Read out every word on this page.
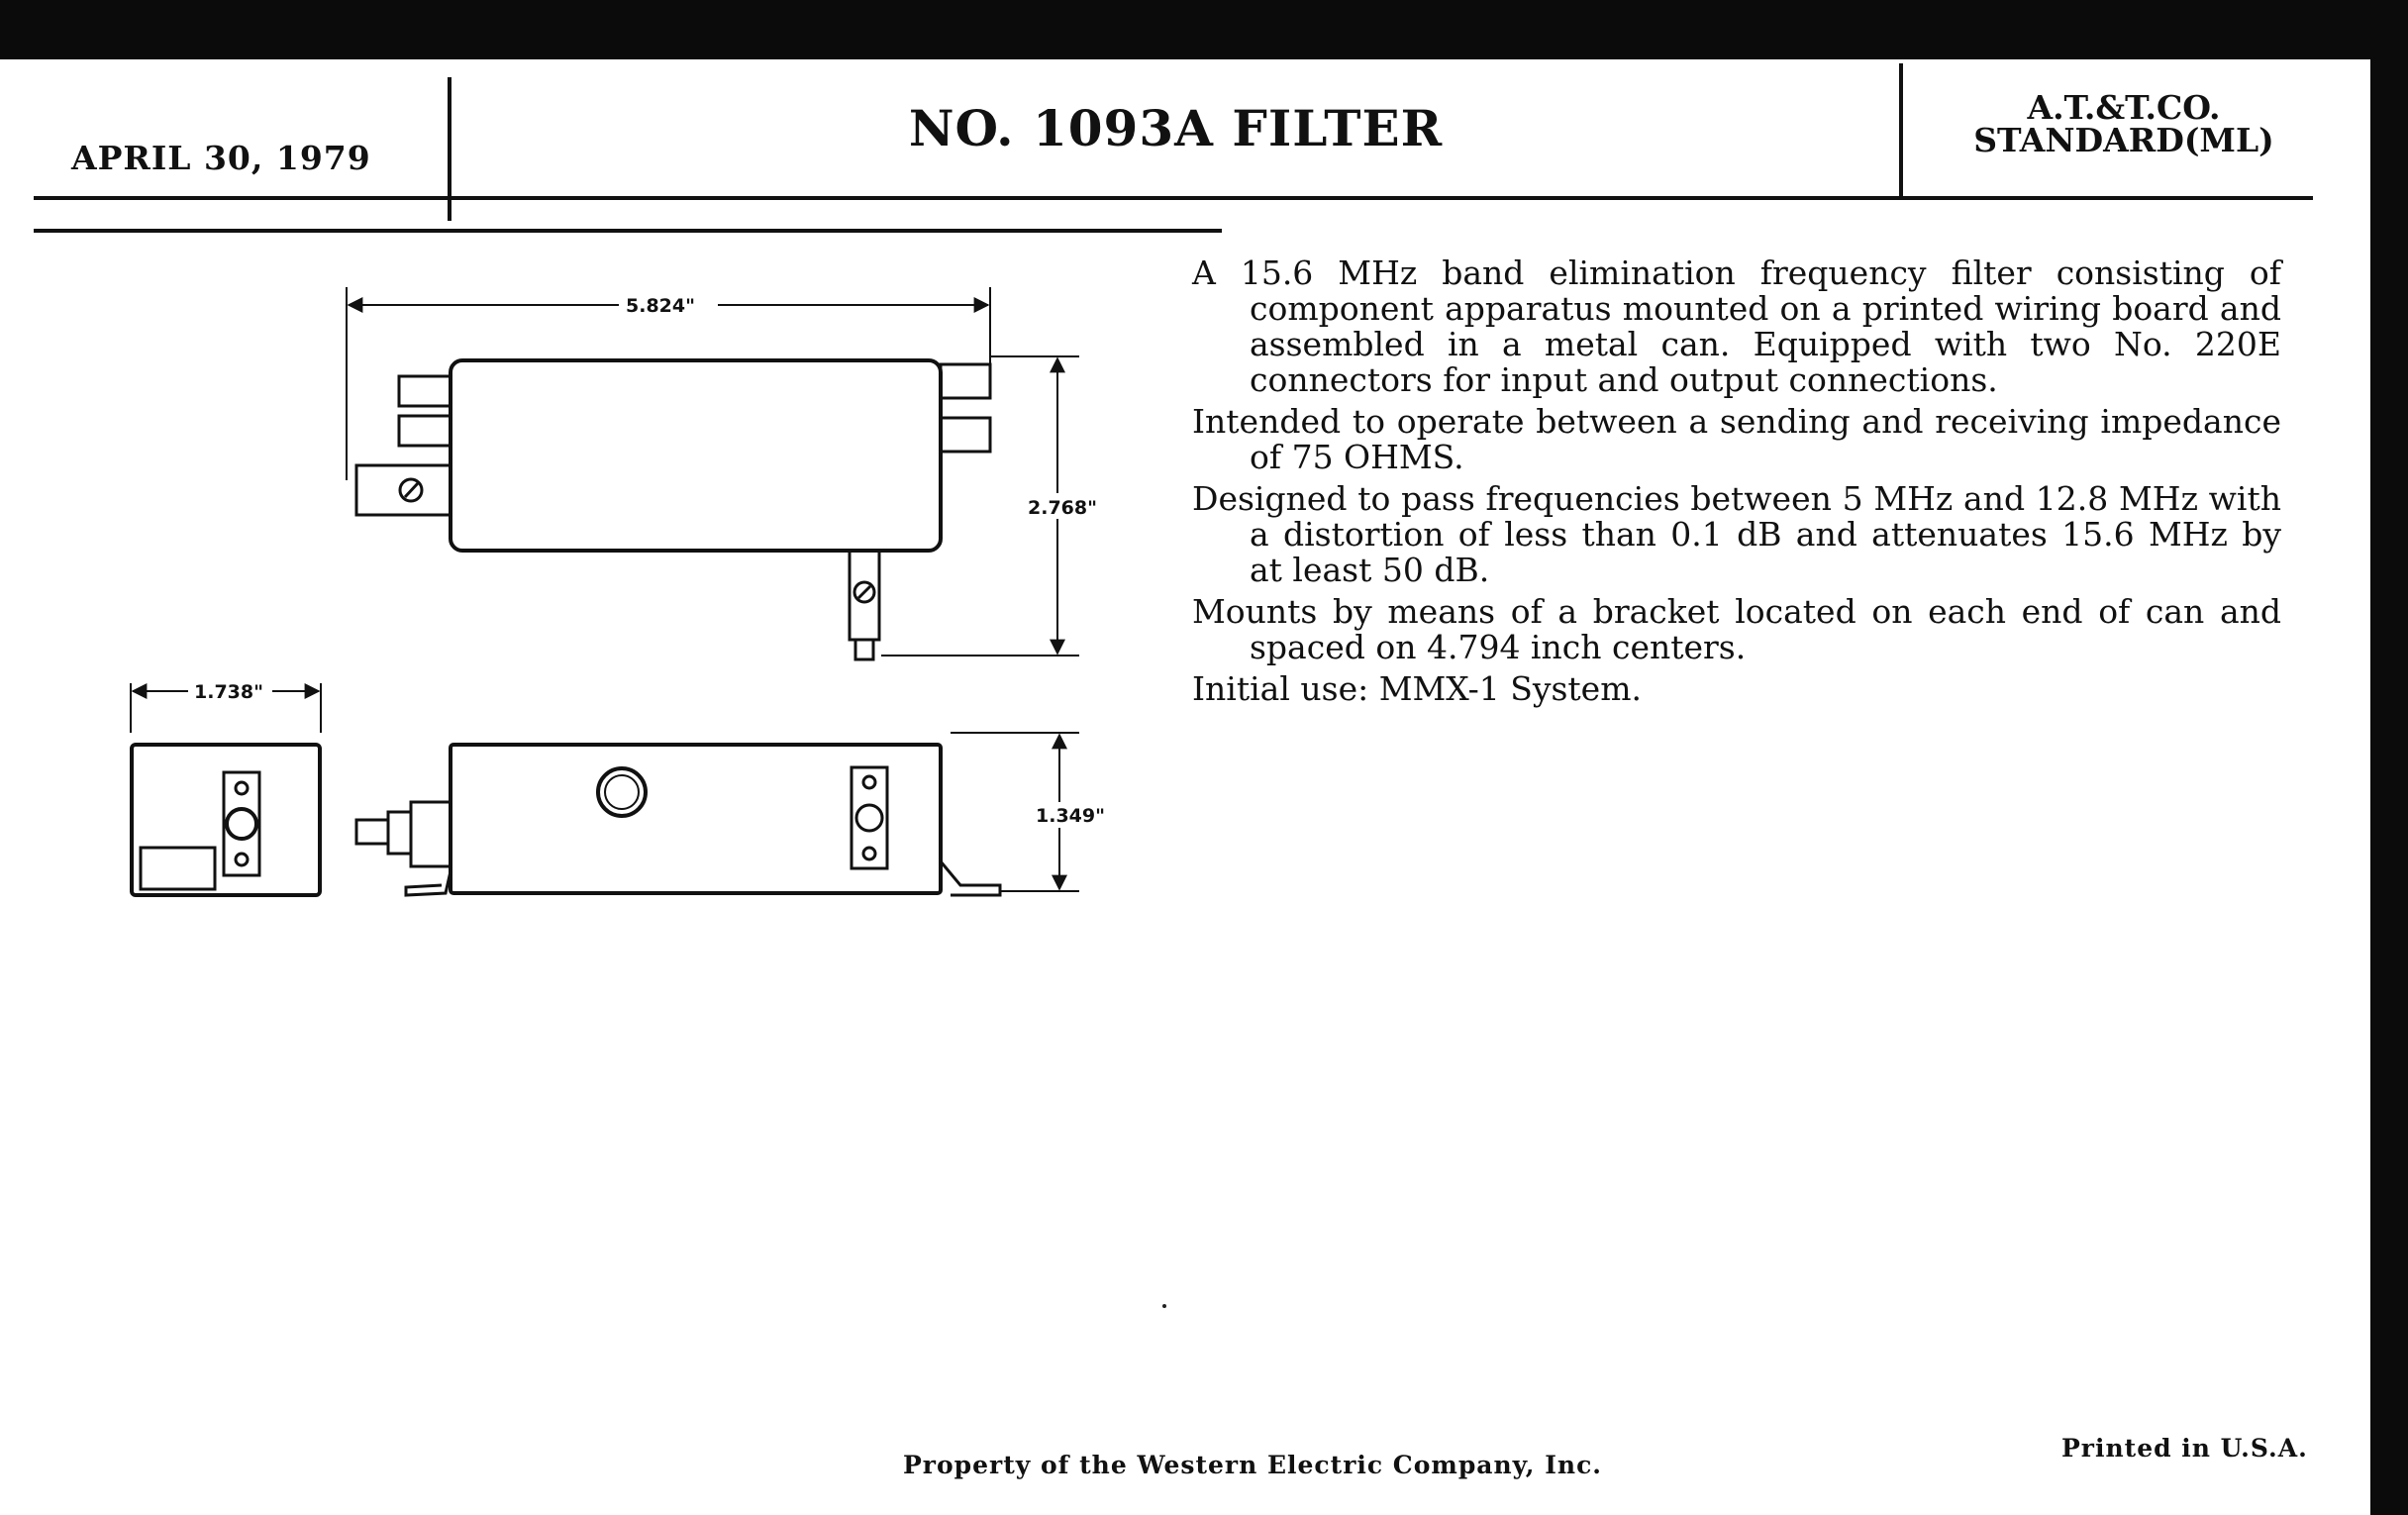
APRIL 30, 1979
NO. 1093A FILTER	A.T.&T.CO.
STANDARD(ML)

A 15.6 MHz band elimination frequency filter consisting of component apparatus mounted on a printed wiring board and assembled in a metal can. Equipped with two No. 220E connectors for input and output connections.

Intended to operate between a sending and receiving impedance of 75 OHMS.

Designed to pass frequencies between 5 MHz and 12.8 MHz with a distortion of less than 0.1 dB and attenuates 15.6 MHz by at least 50 dB.

Mounts by means of a bracket located on each end of can and spaced on 4.794 inch centers.

Initial use: MMX-1 System.

5.824"
2.768"
1.738"
1.349"
Property of the Western Electric Company, Inc.
Printed in U.S.A.
